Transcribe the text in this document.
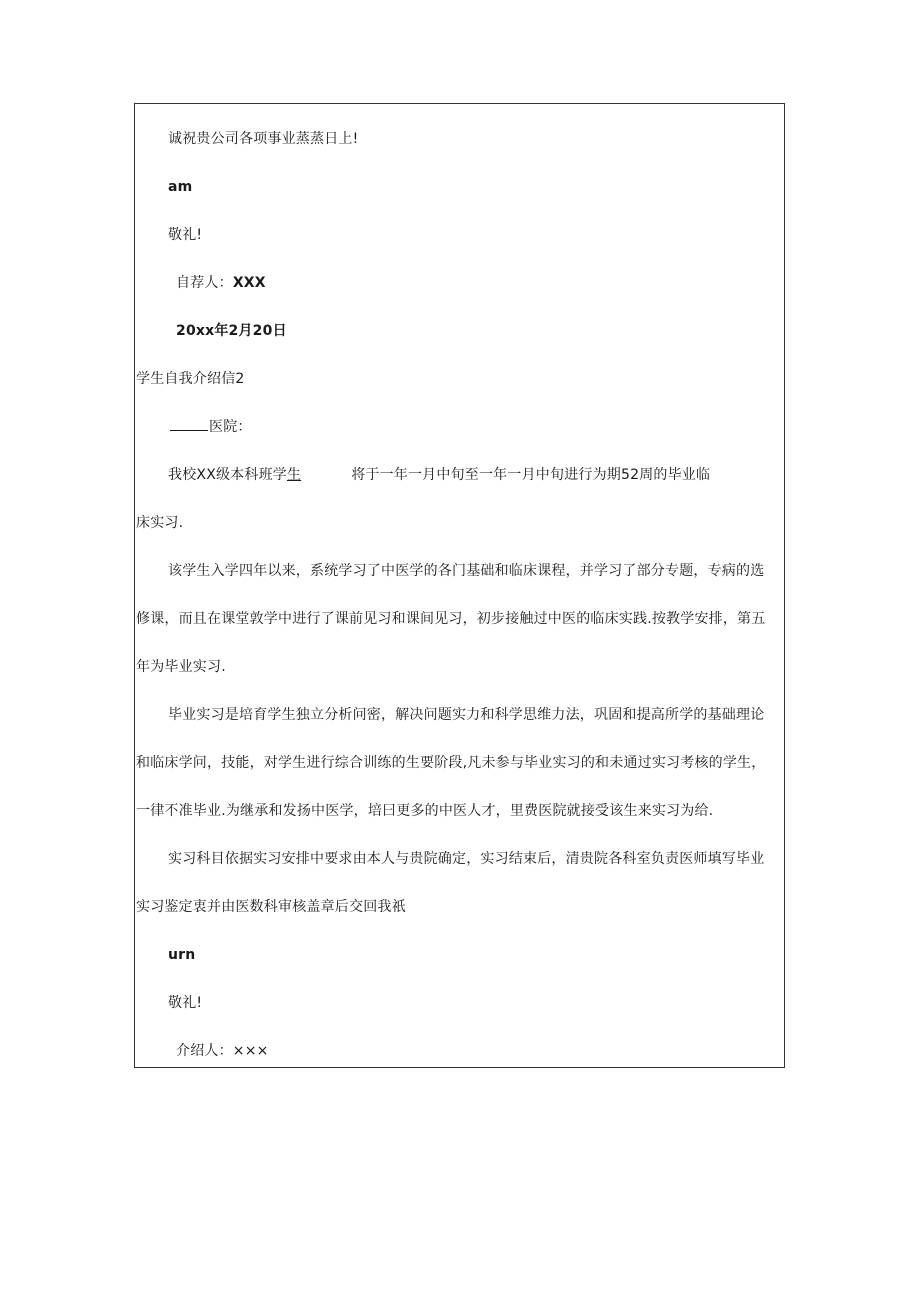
诚祝贵公司各项事业蒸蒸日上!
am
敬礼!
自荐人：XXX
20xx年2月20日
学生自我介绍信2
医院：
我校XX级本科班学生	将于一年一月中旬至一年一月中旬进行为期52周的毕业临
床实习.
该学生入学四年以来，系统学习了中医学的各门基础和临床课程，并学习了部分专题，专病的选
修课，而且在课堂敦学中进行了课前见习和课间见习，初步接触过中医的临床实践.按教学安排，第五
年为毕业实习.
毕业实习是培育学生独立分析问密，解决问题实力和科学思维力法，巩固和提高所学的基础理论
和临床学问，技能，对学生进行综合训练的生要阶段,凡未参与毕业实习的和未通过实习考核的学生，
一律不准毕业.为继承和发扬中医学，培曰更多的中医人才，里费医院就接受该生来实习为给.
实习科目依据实习安排中要求由本人与贵院确定，实习结束后，清贵院各科室负责医师填写毕业
实习鉴定衷并由医数科审核盖章后交回我祇
urn
敬礼!
介绍人：×××
